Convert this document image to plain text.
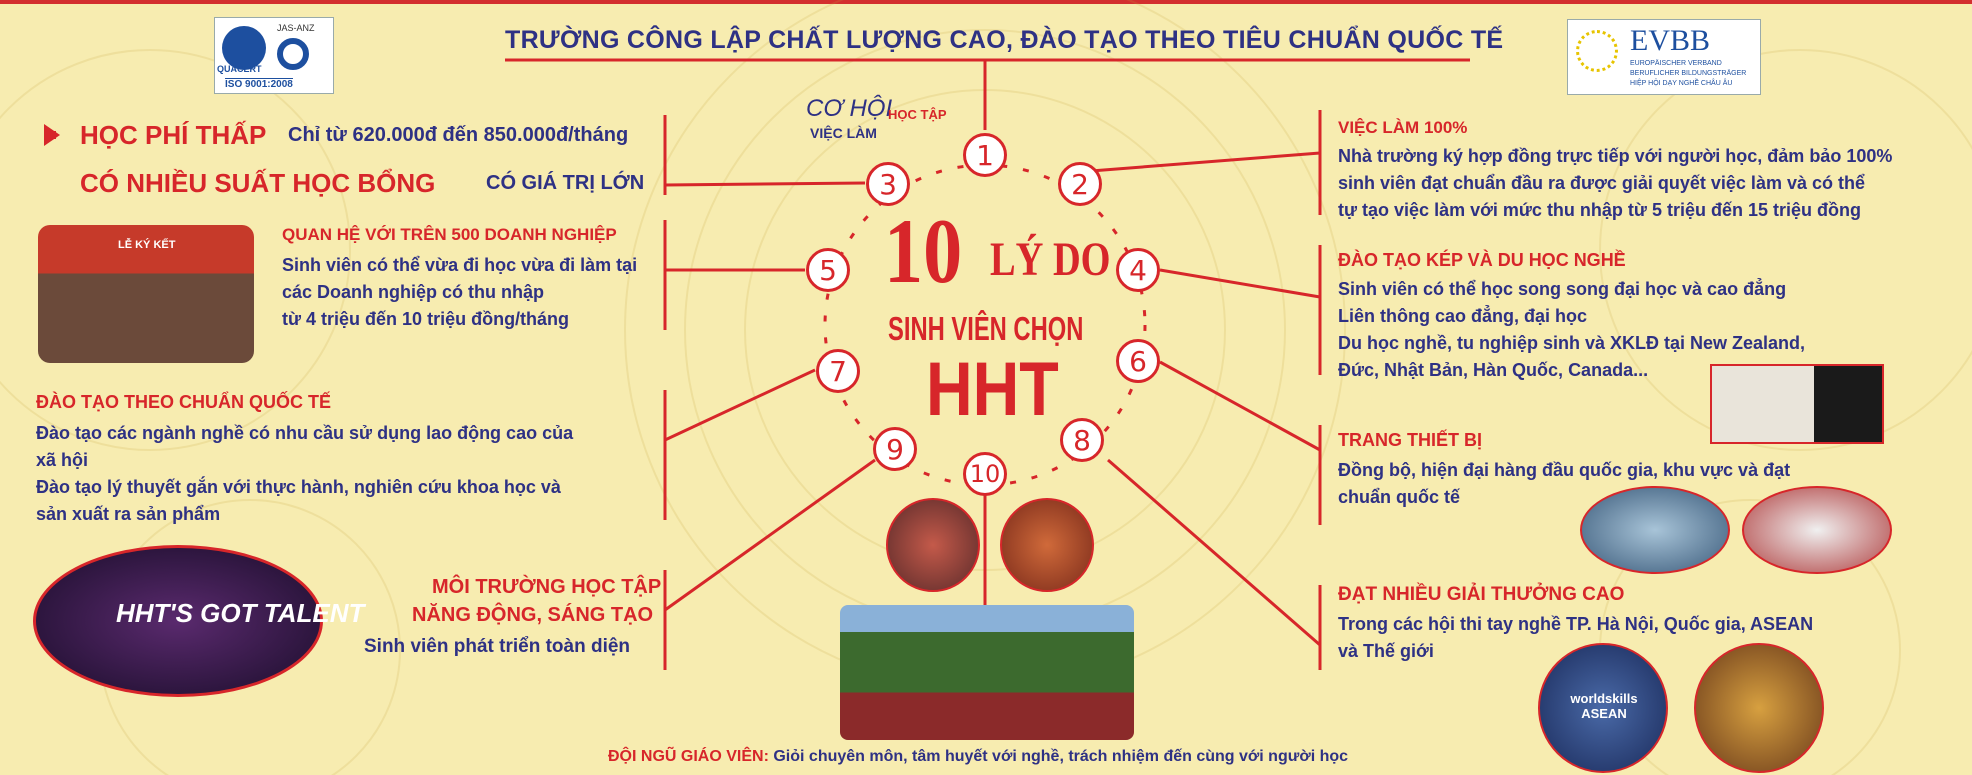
QUACERT
JAS-ANZ
ISO 9001:2008
TRƯỜNG CÔNG LẬP CHẤT LƯỢNG CAO, ĐÀO TẠO THEO TIÊU CHUẨN QUỐC TẾ	EVBB
EUROPÄISCHER VERBAND
BERUFLICHER BILDUNGSTRÄGER
HIỆP HỘI DẠY NGHỀ CHÂU ÂU
CƠ HỘI
HỌC TẬP
VIỆC LÀM
1
2
3
4
5
6
7
8
9
10
10 LÝ DO
SINH VIÊN CHỌN
HHT
HỌC PHÍ THẤP Chỉ từ 620.000đ đến 850.000đ/tháng
CÓ NHIỀU SUẤT HỌC BỔNG	CÓ GIÁ TRỊ LỚN
LỄ KÝ KẾT
QUAN HỆ VỚI TRÊN 500 DOANH NGHIỆP
Sinh viên có thể vừa đi học vừa đi làm tại
các Doanh nghiệp có thu nhập
từ 4 triệu đến 10 triệu đồng/tháng
ĐÀO TẠO THEO CHUẨN QUỐC TẾ
Đào tạo các ngành nghề có nhu cầu sử dụng lao động cao của
xã hội
Đào tạo lý thuyết gắn với thực hành, nghiên cứu khoa học và
sản xuất ra sản phẩm
HHT'S GOT TALENT
MÔI TRƯỜNG HỌC TẬP
NĂNG ĐỘNG, SÁNG TẠO
Sinh viên phát triển toàn diện
ĐỘI NGŨ GIÁO VIÊN: Giỏi chuyên môn, tâm huyết với nghề, trách nhiệm đến cùng với người học
VIỆC LÀM 100%
Nhà trường ký hợp đồng trực tiếp với người học, đảm bảo 100%
sinh viên đạt chuẩn đầu ra được giải quyết việc làm và có thể
tự tạo việc làm với mức thu nhập từ 5 triệu đến 15 triệu đồng
ĐÀO TẠO KÉP VÀ DU HỌC NGHỀ
Sinh viên có thể học song song đại học và cao đẳng
Liên thông cao đẳng, đại học
Du học nghề, tu nghiệp sinh và XKLĐ tại New Zealand,
Đức, Nhật Bản, Hàn Quốc, Canada...
TRANG THIẾT BỊ
Đồng bộ, hiện đại hàng đầu quốc gia, khu vực và đạt
chuẩn quốc tế
ĐẠT NHIỀU GIẢI THƯỞNG CAO
Trong các hội thi tay nghề TP. Hà Nội, Quốc gia, ASEAN
và Thế giới
worldskills ASEAN
